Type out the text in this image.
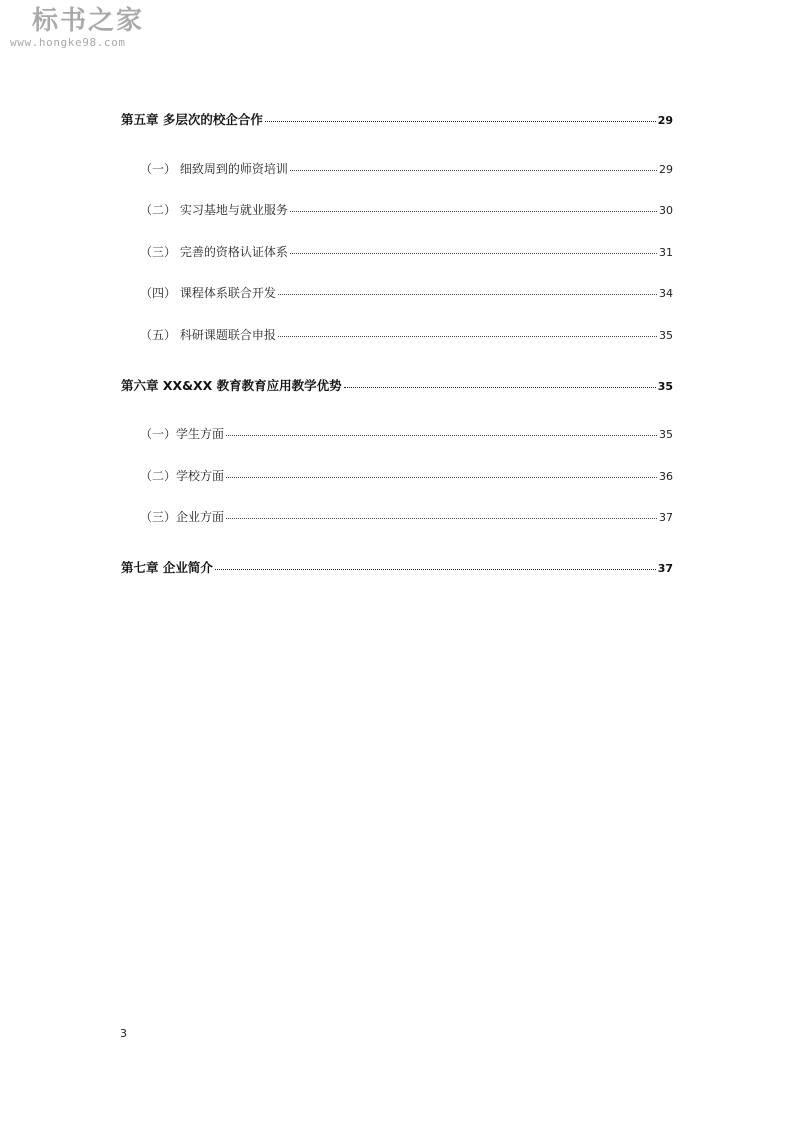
标书之家
www.hongke98.com
第五章 多层次的校企合作	29
（一） 细致周到的师资培训	29
（二） 实习基地与就业服务	30
（三） 完善的资格认证体系	31
（四） 课程体系联合开发	34
（五） 科研课题联合申报	35
第六章 XX&XX 教育教育应用教学优势	35
（一）学生方面	35
（二）学校方面	36
（三）企业方面	37
第七章 企业简介	37
3
